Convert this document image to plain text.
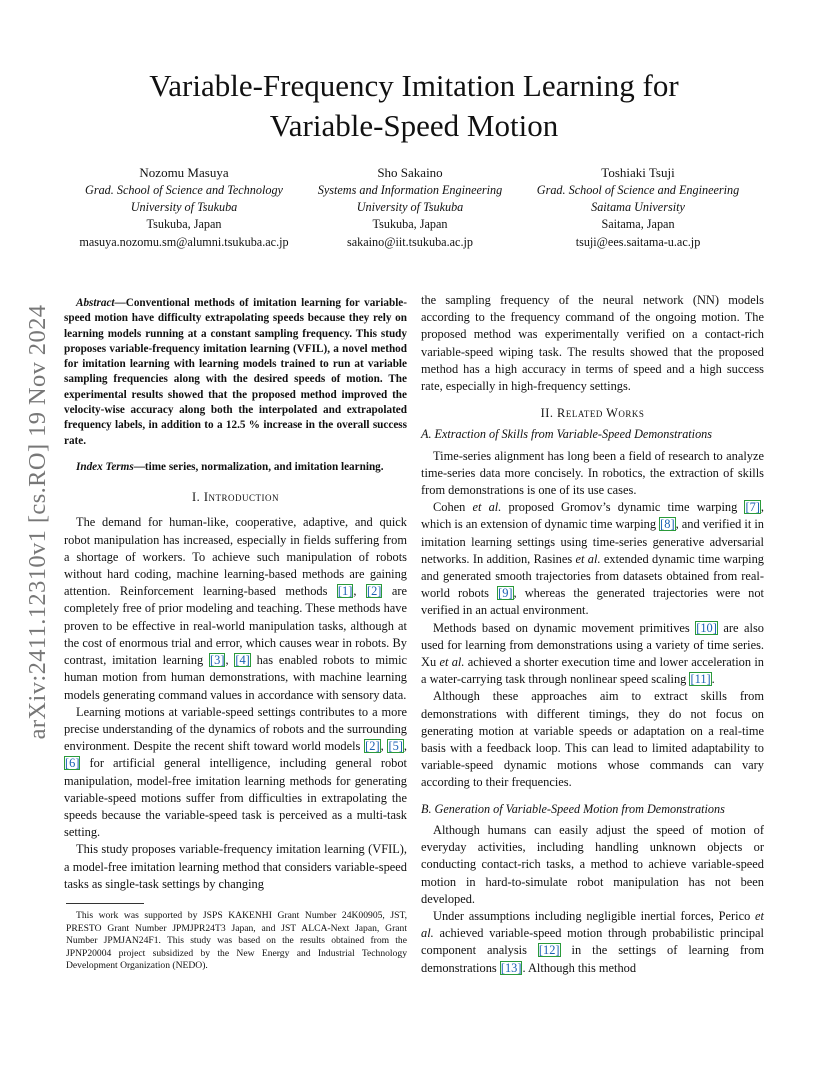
Variable-Frequency Imitation Learning for
Variable-Speed Motion
Nozomu Masuya
Grad. School of Science and Technology
University of Tsukuba
Tsukuba, Japan
masuya.nozomu.sm@alumni.tsukuba.ac.jp
Sho Sakaino
Systems and Information Engineering
University of Tsukuba
Tsukuba, Japan
sakaino@iit.tsukuba.ac.jp
Toshiaki Tsuji
Grad. School of Science and Engineering
Saitama University
Saitama, Japan
tsuji@ees.saitama-u.ac.jp
arXiv:2411.12310v1 [cs.RO] 19 Nov 2024

Abstract—Conventional methods of imitation learning for variable-speed motion have difficulty extrapolating speeds because they rely on learning models running at a constant sampling frequency. This study proposes variable-frequency imitation learning (VFIL), a novel method for imitation learning with learning models trained to run at variable sampling frequencies along with the desired speeds of motion. The experimental results showed that the proposed method improved the velocity-wise accuracy along both the interpolated and extrapolated frequency labels, in addition to a 12.5 % increase in the overall success rate.

Index Terms—time series, normalization, and imitation learning.

I. Introduction

The demand for human-like, cooperative, adaptive, and quick robot manipulation has increased, especially in fields suffering from a shortage of workers. To achieve such manipulation of robots without hard coding, machine learning-based methods are gaining attention. Reinforcement learning-based methods [1], [2] are completely free of prior modeling and teaching. These methods have proven to be effective in real-world manipulation tasks, although at the cost of enormous trial and error, which causes wear in robots. By contrast, imitation learning [3], [4] has enabled robots to mimic human motion from human demonstrations, with machine learning models generating command values in accordance with sensory data.

Learning motions at variable-speed settings contributes to a more precise understanding of the dynamics of robots and the surrounding environment. Despite the recent shift toward world models [2], [5], [6] for artificial general intelligence, including general robot manipulation, model-free imitation learning methods for generating variable-speed motions suffer from difficulties in extrapolating the speeds because the variable-speed task is perceived as a multi-task setting.

This study proposes variable-frequency imitation learning (VFIL), a model-free imitation learning method that considers variable-speed tasks as single-task settings by changing

This work was supported by JSPS KAKENHI Grant Number 24K00905, JST, PRESTO Grant Number JPMJPR24T3 Japan, and JST ALCA-Next Japan, Grant Number JPMJAN24F1. This study was based on the results obtained from the JPNP20004 project subsidized by the New Energy and Industrial Technology Development Organization (NEDO).

the sampling frequency of the neural network (NN) models according to the frequency command of the ongoing motion. The proposed method was experimentally verified on a contact-rich variable-speed wiping task. The results showed that the proposed method has a high accuracy in terms of speed and a high success rate, especially in high-frequency settings.

II. Related Works
A. Extraction of Skills from Variable-Speed Demonstrations

Time-series alignment has long been a field of research to analyze time-series data more concisely. In robotics, the extraction of skills from demonstrations is one of its use cases.

Cohen et al. proposed Gromov’s dynamic time warping [7], which is an extension of dynamic time warping [8], and verified it in imitation learning settings using time-series generative adversarial networks. In addition, Rasines et al. extended dynamic time warping and generated smooth trajectories from datasets obtained from real-world robots [9], whereas the generated trajectories were not verified in an actual environment.

Methods based on dynamic movement primitives [10] are also used for learning from demonstrations using a variety of time series. Xu et al. achieved a shorter execution time and lower acceleration in a water-carrying task through nonlinear speed scaling [11].

Although these approaches aim to extract skills from demonstrations with different timings, they do not focus on generating motion at variable speeds or adaptation on a real-time basis with a feedback loop. This can lead to limited adaptability to variable-speed dynamic motions whose commands can vary according to their frequencies.

B. Generation of Variable-Speed Motion from Demonstrations

Although humans can easily adjust the speed of motion of everyday activities, including handling unknown objects or conducting contact-rich tasks, a method to achieve variable-speed motion in hard-to-simulate robot manipulation has not been developed.

Under assumptions including negligible inertial forces, Perico et al. achieved variable-speed motion through probabilistic principal component analysis [12] in the settings of learning from demonstrations [13]. Although this method
